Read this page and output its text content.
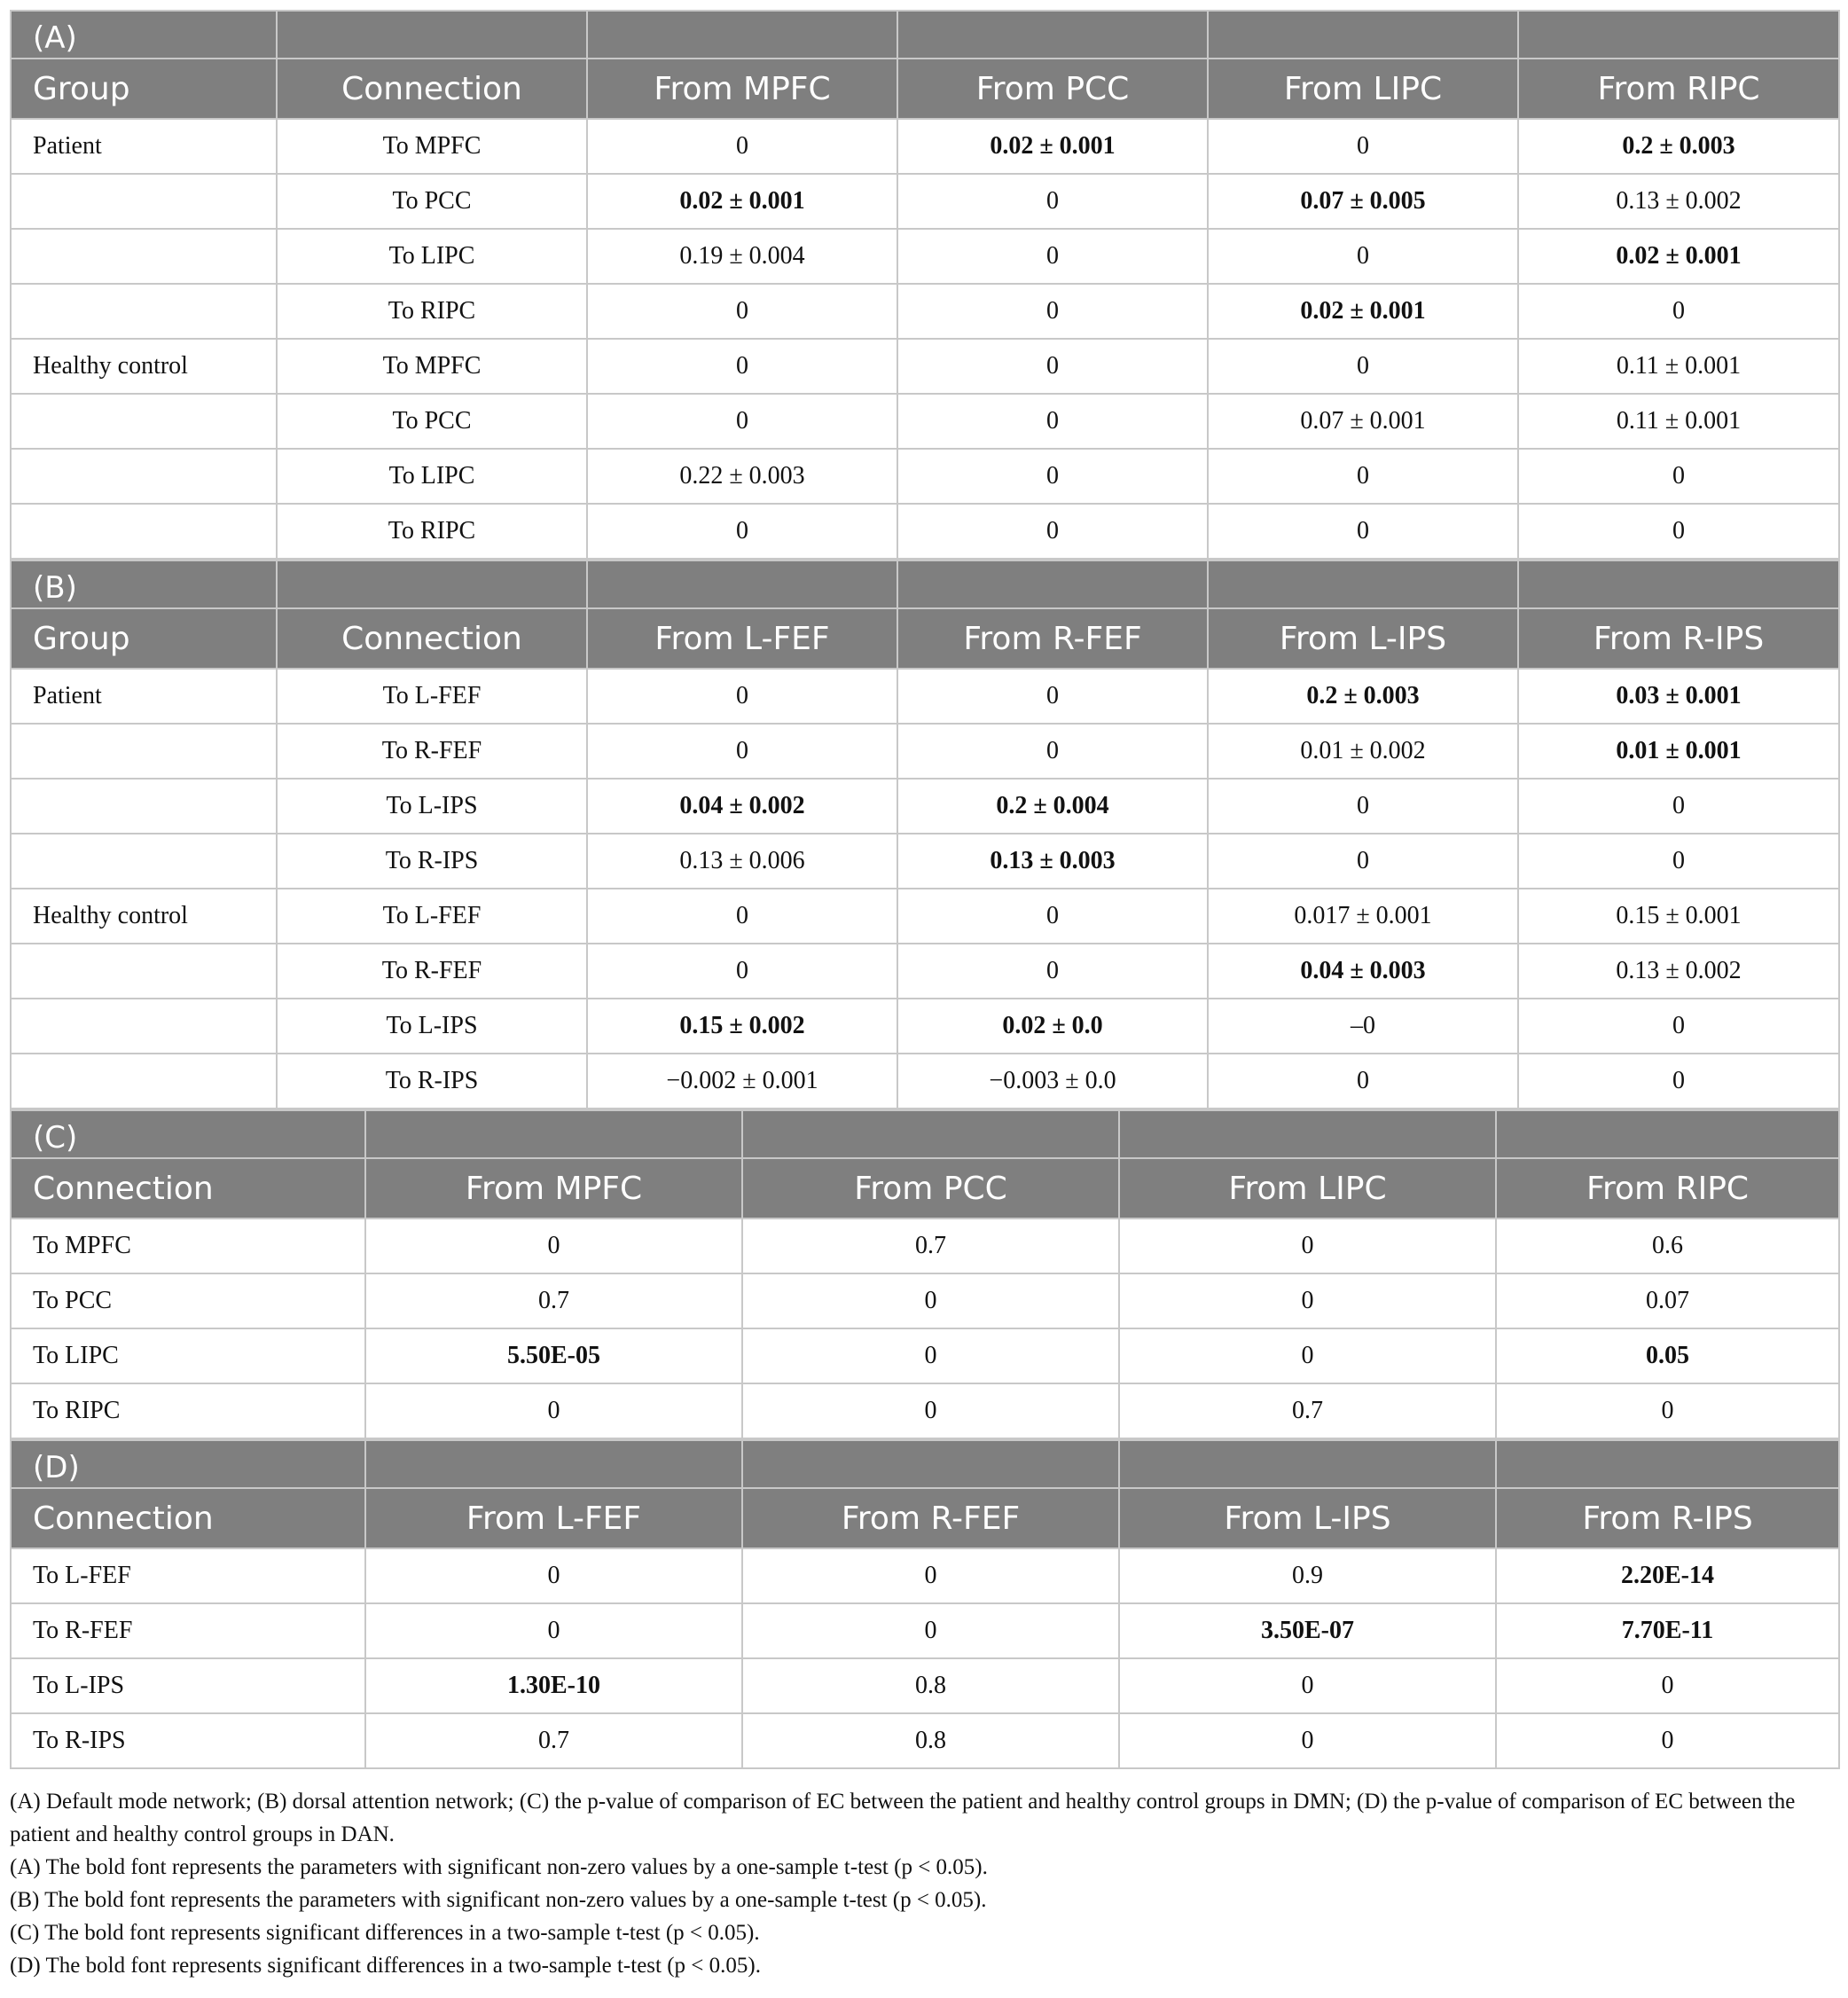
(A)					
Group	Connection	From MPFC	From PCC	From LIPC	From RIPC
Patient	To MPFC	0	0.02 ± 0.001	0	0.2 ± 0.003
	To PCC	0.02 ± 0.001	0	0.07 ± 0.005	0.13 ± 0.002
	To LIPC	0.19 ± 0.004	0	0	0.02 ± 0.001
	To RIPC	0	0	0.02 ± 0.001	0
Healthy control	To MPFC	0	0	0	0.11 ± 0.001
	To PCC	0	0	0.07 ± 0.001	0.11 ± 0.001
	To LIPC	0.22 ± 0.003	0	0	0
	To RIPC	0	0	0	0
(B)					
Group	Connection	From L-FEF	From R-FEF	From L-IPS	From R-IPS
Patient	To L-FEF	0	0	0.2 ± 0.003	0.03 ± 0.001
	To R-FEF	0	0	0.01 ± 0.002	0.01 ± 0.001
	To L-IPS	0.04 ± 0.002	0.2 ± 0.004	0	0
	To R-IPS	0.13 ± 0.006	0.13 ± 0.003	0	0
Healthy control	To L-FEF	0	0	0.017 ± 0.001	0.15 ± 0.001
	To R-FEF	0	0	0.04 ± 0.003	0.13 ± 0.002
	To L-IPS	0.15 ± 0.002	0.02 ± 0.0	–0	0
	To R-IPS	−0.002 ± 0.001	−0.003 ± 0.0	0	0
(C)				
Connection	From MPFC	From PCC	From LIPC	From RIPC
To MPFC	0	0.7	0	0.6
To PCC	0.7	0	0	0.07
To LIPC	5.50E-05	0	0	0.05
To RIPC	0	0	0.7	0
(D)				
Connection	From L-FEF	From R-FEF	From L-IPS	From R-IPS
To L-FEF	0	0	0.9	2.20E-14
To R-FEF	0	0	3.50E-07	7.70E-11
To L-IPS	1.30E-10	0.8	0	0
To R-IPS	0.7	0.8	0	0

(A) Default mode network; (B) dorsal attention network; (C) the p-value of comparison of EC between the patient and healthy control groups in DMN; (D) the p-value of comparison of EC between the patient and healthy control groups in DAN.

(A) The bold font represents the parameters with significant non-zero values by a one-sample t-test (p < 0.05).

(B) The bold font represents the parameters with significant non-zero values by a one-sample t-test (p < 0.05).

(C) The bold font represents significant differences in a two-sample t-test (p < 0.05).

(D) The bold font represents significant differences in a two-sample t-test (p < 0.05).
